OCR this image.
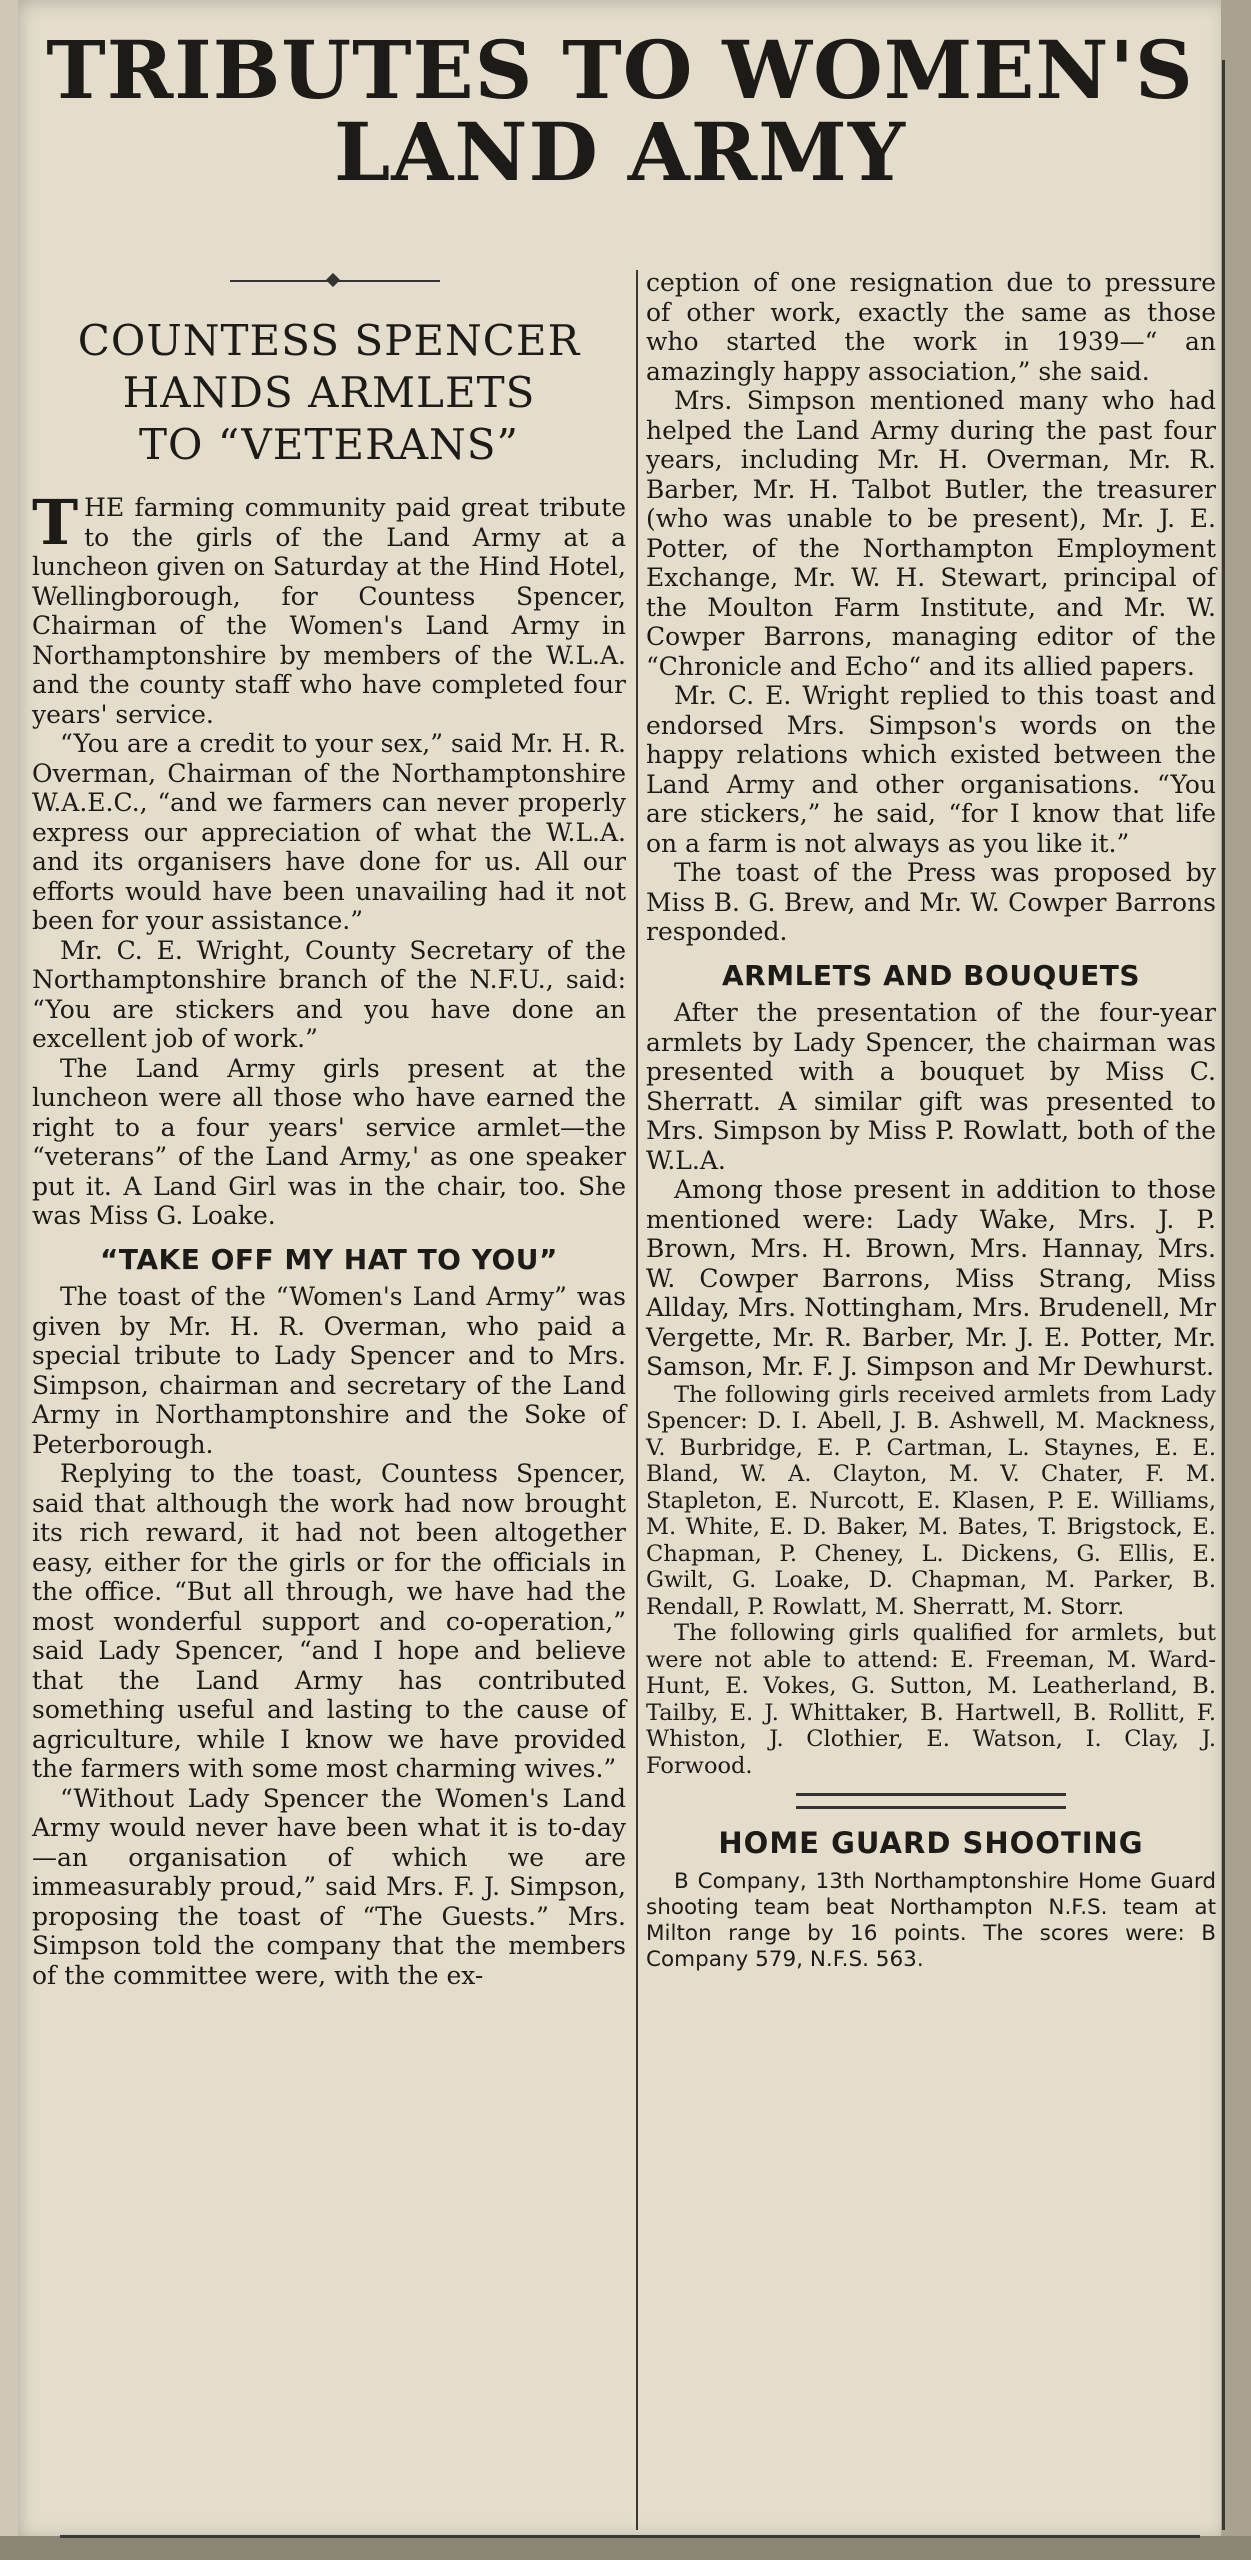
TRIBUTES TO WOMEN'S
LAND ARMY
COUNTESS SPENCER
HANDS ARMLETS
TO “VETERANS”

THE farming community paid great tribute to the girls of the Land Army at a luncheon given on Saturday at the Hind Hotel, Wellingborough, for Countess Spencer, Chairman of the Women's Land Army in Northamptonshire by members of the W.L.A. and the county staff who have completed four years' service.

“You are a credit to your sex,” said Mr. H. R. Overman, Chairman of the Northamptonshire W.A.E.C., “and we farmers can never properly express our appreciation of what the W.L.A. and its organisers have done for us. All our efforts would have been unavailing had it not been for your assistance.”

Mr. C. E. Wright, County Secretary of the Northamptonshire branch of the N.F.U., said: “You are stickers and you have done an excellent job of work.”

The Land Army girls present at the luncheon were all those who have earned the right to a four years' service armlet—the “veterans” of the Land Army,' as one speaker put it. A Land Girl was in the chair, too. She was Miss G. Loake.

“TAKE OFF MY HAT TO YOU”

The toast of the “Women's Land Army” was given by Mr. H. R. Overman, who paid a special tribute to Lady Spencer and to Mrs. Simpson, chairman and secretary of the Land Army in Northamptonshire and the Soke of Peterborough.

Replying to the toast, Countess Spencer, said that although the work had now brought its rich reward, it had not been altogether easy, either for the girls or for the officials in the office. “But all through, we have had the most wonderful support and co-operation,” said Lady Spencer, “and I hope and believe that the Land Army has contributed something useful and lasting to the cause of agriculture, while I know we have provided the farmers with some most charming wives.”

“Without Lady Spencer the Women's Land Army would never have been what it is to-day—an organisation of which we are immeasurably proud,” said Mrs. F. J. Simpson, proposing the toast of “The Guests.” Mrs. Simpson told the company that the members of the committee were, with the ex-

ception of one resignation due to pressure of other work, exactly the same as those who started the work in 1939—“ an amazingly happy association,” she said.

Mrs. Simpson mentioned many who had helped the Land Army during the past four years, including Mr. H. Overman, Mr. R. Barber, Mr. H. Talbot Butler, the treasurer (who was unable to be present), Mr. J. E. Potter, of the Northampton Employment Exchange, Mr. W. H. Stewart, principal of the Moulton Farm Institute, and Mr. W. Cowper Barrons, managing editor of the “Chronicle and Echo“ and its allied papers.

Mr. C. E. Wright replied to this toast and endorsed Mrs. Simpson's words on the happy relations which existed between the Land Army and other organisations. “You are stickers,” he said, “for I know that life on a farm is not always as you like it.”

The toast of the Press was proposed by Miss B. G. Brew, and Mr. W. Cowper Barrons responded.

ARMLETS AND BOUQUETS

After the presentation of the four-year armlets by Lady Spencer, the chairman was presented with a bouquet by Miss C. Sherratt. A similar gift was presented to Mrs. Simpson by Miss P. Rowlatt, both of the W.L.A.

Among those present in addition to those mentioned were: Lady Wake, Mrs. J. P. Brown, Mrs. H. Brown, Mrs. Hannay, Mrs. W. Cowper Barrons, Miss Strang, Miss Allday, Mrs. Nottingham, Mrs. Brudenell, Mr Vergette, Mr. R. Barber, Mr. J. E. Potter, Mr. Samson, Mr. F. J. Simpson and Mr Dewhurst.

The following girls received armlets from Lady Spencer: D. I. Abell, J. B. Ashwell, M. Mackness, V. Burbridge, E. P. Cartman, L. Staynes, E. E. Bland, W. A. Clayton, M. V. Chater, F. M. Stapleton, E. Nurcott, E. Klasen, P. E. Williams, M. White, E. D. Baker, M. Bates, T. Brigstock, E. Chapman, P. Cheney, L. Dickens, G. Ellis, E. Gwilt, G. Loake, D. Chapman, M. Parker, B. Rendall, P. Rowlatt, M. Sherratt, M. Storr.

The following girls qualified for armlets, but were not able to attend: E. Freeman, M. Ward-Hunt, E. Vokes, G. Sutton, M. Leatherland, B. Tailby, E. J. Whittaker, B. Hartwell, B. Rollitt, F. Whiston, J. Clothier, E. Watson, I. Clay, J. Forwood.

HOME GUARD SHOOTING

B Company, 13th Northamptonshire Home Guard shooting team beat Northampton N.F.S. team at Milton range by 16 points. The scores were: B Company 579, N.F.S. 563.
